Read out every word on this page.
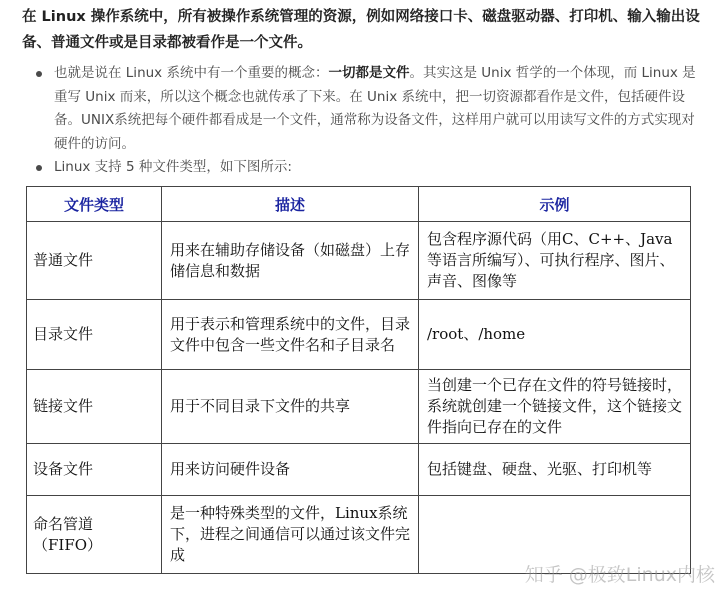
在 Linux 操作系统中，所有被操作系统管理的资源，例如网络接口卡、磁盘驱动器、打印机、输入输出设备、普通文件或是目录都被看作是一个文件。
也就是说在 Linux 系统中有一个重要的概念：一切都是文件。其实这是 Unix 哲学的一个体现，而 Linux 是重写 Unix 而来，所以这个概念也就传承了下来。在 Unix 系统中，把一切资源都看作是文件，包括硬件设备。UNIX系统把每个硬件都看成是一个文件，通常称为设备文件，这样用户就可以用读写文件的方式实现对硬件的访问。
Linux 支持 5 种文件类型，如下图所示:
文件类型	描述	示例
普通文件	用来在辅助存储设备（如磁盘）上存储信息和数据	包含程序源代码（用C、C++、Java等语言所编写）、可执行程序、图片、声音、图像等
目录文件	用于表示和管理系统中的文件，目录文件中包含一些文件名和子目录名	/root、/home
链接文件	用于不同目录下文件的共享	当创建一个已存在文件的符号链接时，系统就创建一个链接文件，这个链接文件指向已存在的文件
设备文件	用来访问硬件设备	包括键盘、硬盘、光驱、打印机等
命名管道（FIFO）	是一种特殊类型的文件，Linux系统下，进程之间通信可以通过该文件完成	
知乎 @极致Linux内核
